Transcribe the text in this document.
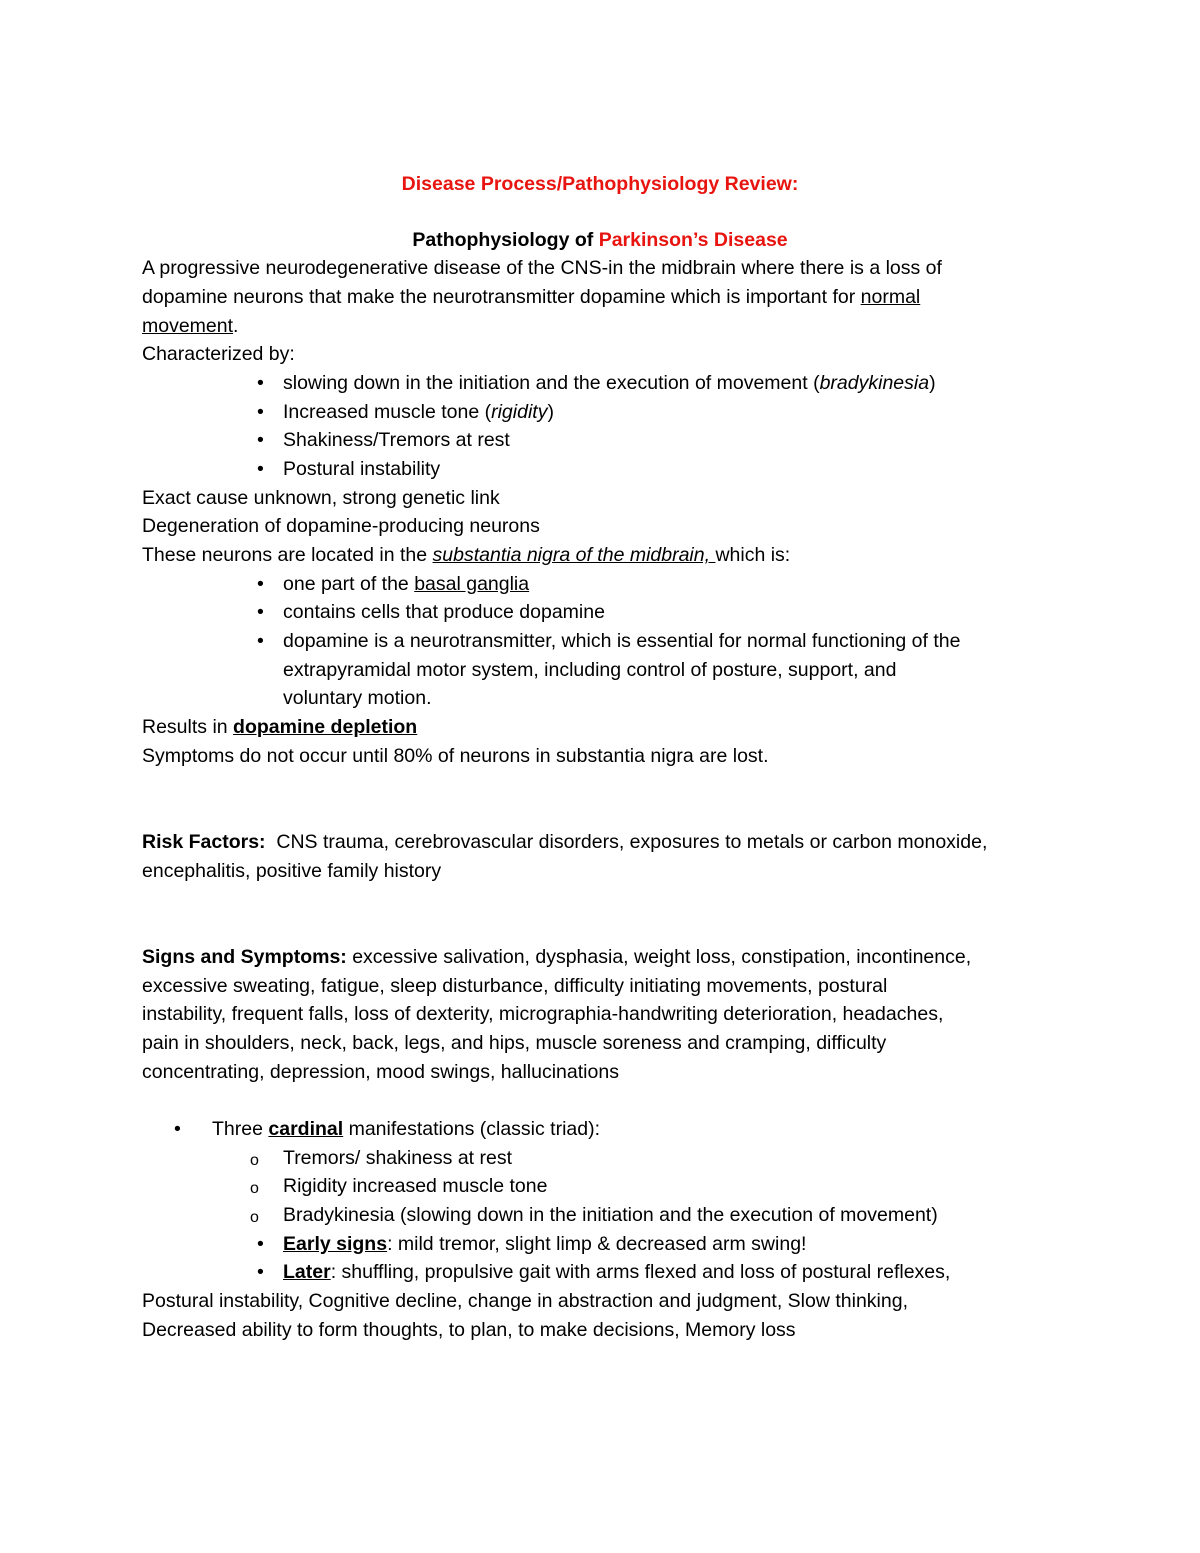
Disease Process/Pathophysiology Review:
Pathophysiology of Parkinson’s Disease
A progressive neurodegenerative disease of the CNS-in the midbrain where there is a loss of
dopamine neurons that make the neurotransmitter dopamine which is important for normal
movement.
Characterized by:
• slowing down in the initiation and the execution of movement (bradykinesia)
• Increased muscle tone (rigidity)
• Shakiness/Tremors at rest
• Postural instability
Exact cause unknown, strong genetic link
Degeneration of dopamine-producing neurons
These neurons are located in the substantia nigra of the midbrain, which is:
• one part of the basal ganglia
• contains cells that produce dopamine
• dopamine is a neurotransmitter, which is essential for normal functioning of the
extrapyramidal motor system, including control of posture, support, and
voluntary motion.
Results in dopamine depletion
Symptoms do not occur until 80% of neurons in substantia nigra are lost.
Risk Factors: CNS trauma, cerebrovascular disorders, exposures to metals or carbon monoxide,
encephalitis, positive family history
Signs and Symptoms: excessive salivation, dysphasia, weight loss, constipation, incontinence,
excessive sweating, fatigue, sleep disturbance, difficulty initiating movements, postural
instability, frequent falls, loss of dexterity, micrographia-handwriting deterioration, headaches,
pain in shoulders, neck, back, legs, and hips, muscle soreness and cramping, difficulty
concentrating, depression, mood swings, hallucinations
• Three cardinal manifestations (classic triad):
o Tremors/ shakiness at rest
o Rigidity increased muscle tone
o Bradykinesia (slowing down in the initiation and the execution of movement)
• Early signs: mild tremor, slight limp & decreased arm swing!
• Later: shuffling, propulsive gait with arms flexed and loss of postural reflexes,
Postural instability, Cognitive decline, change in abstraction and judgment, Slow thinking,
Decreased ability to form thoughts, to plan, to make decisions, Memory loss
